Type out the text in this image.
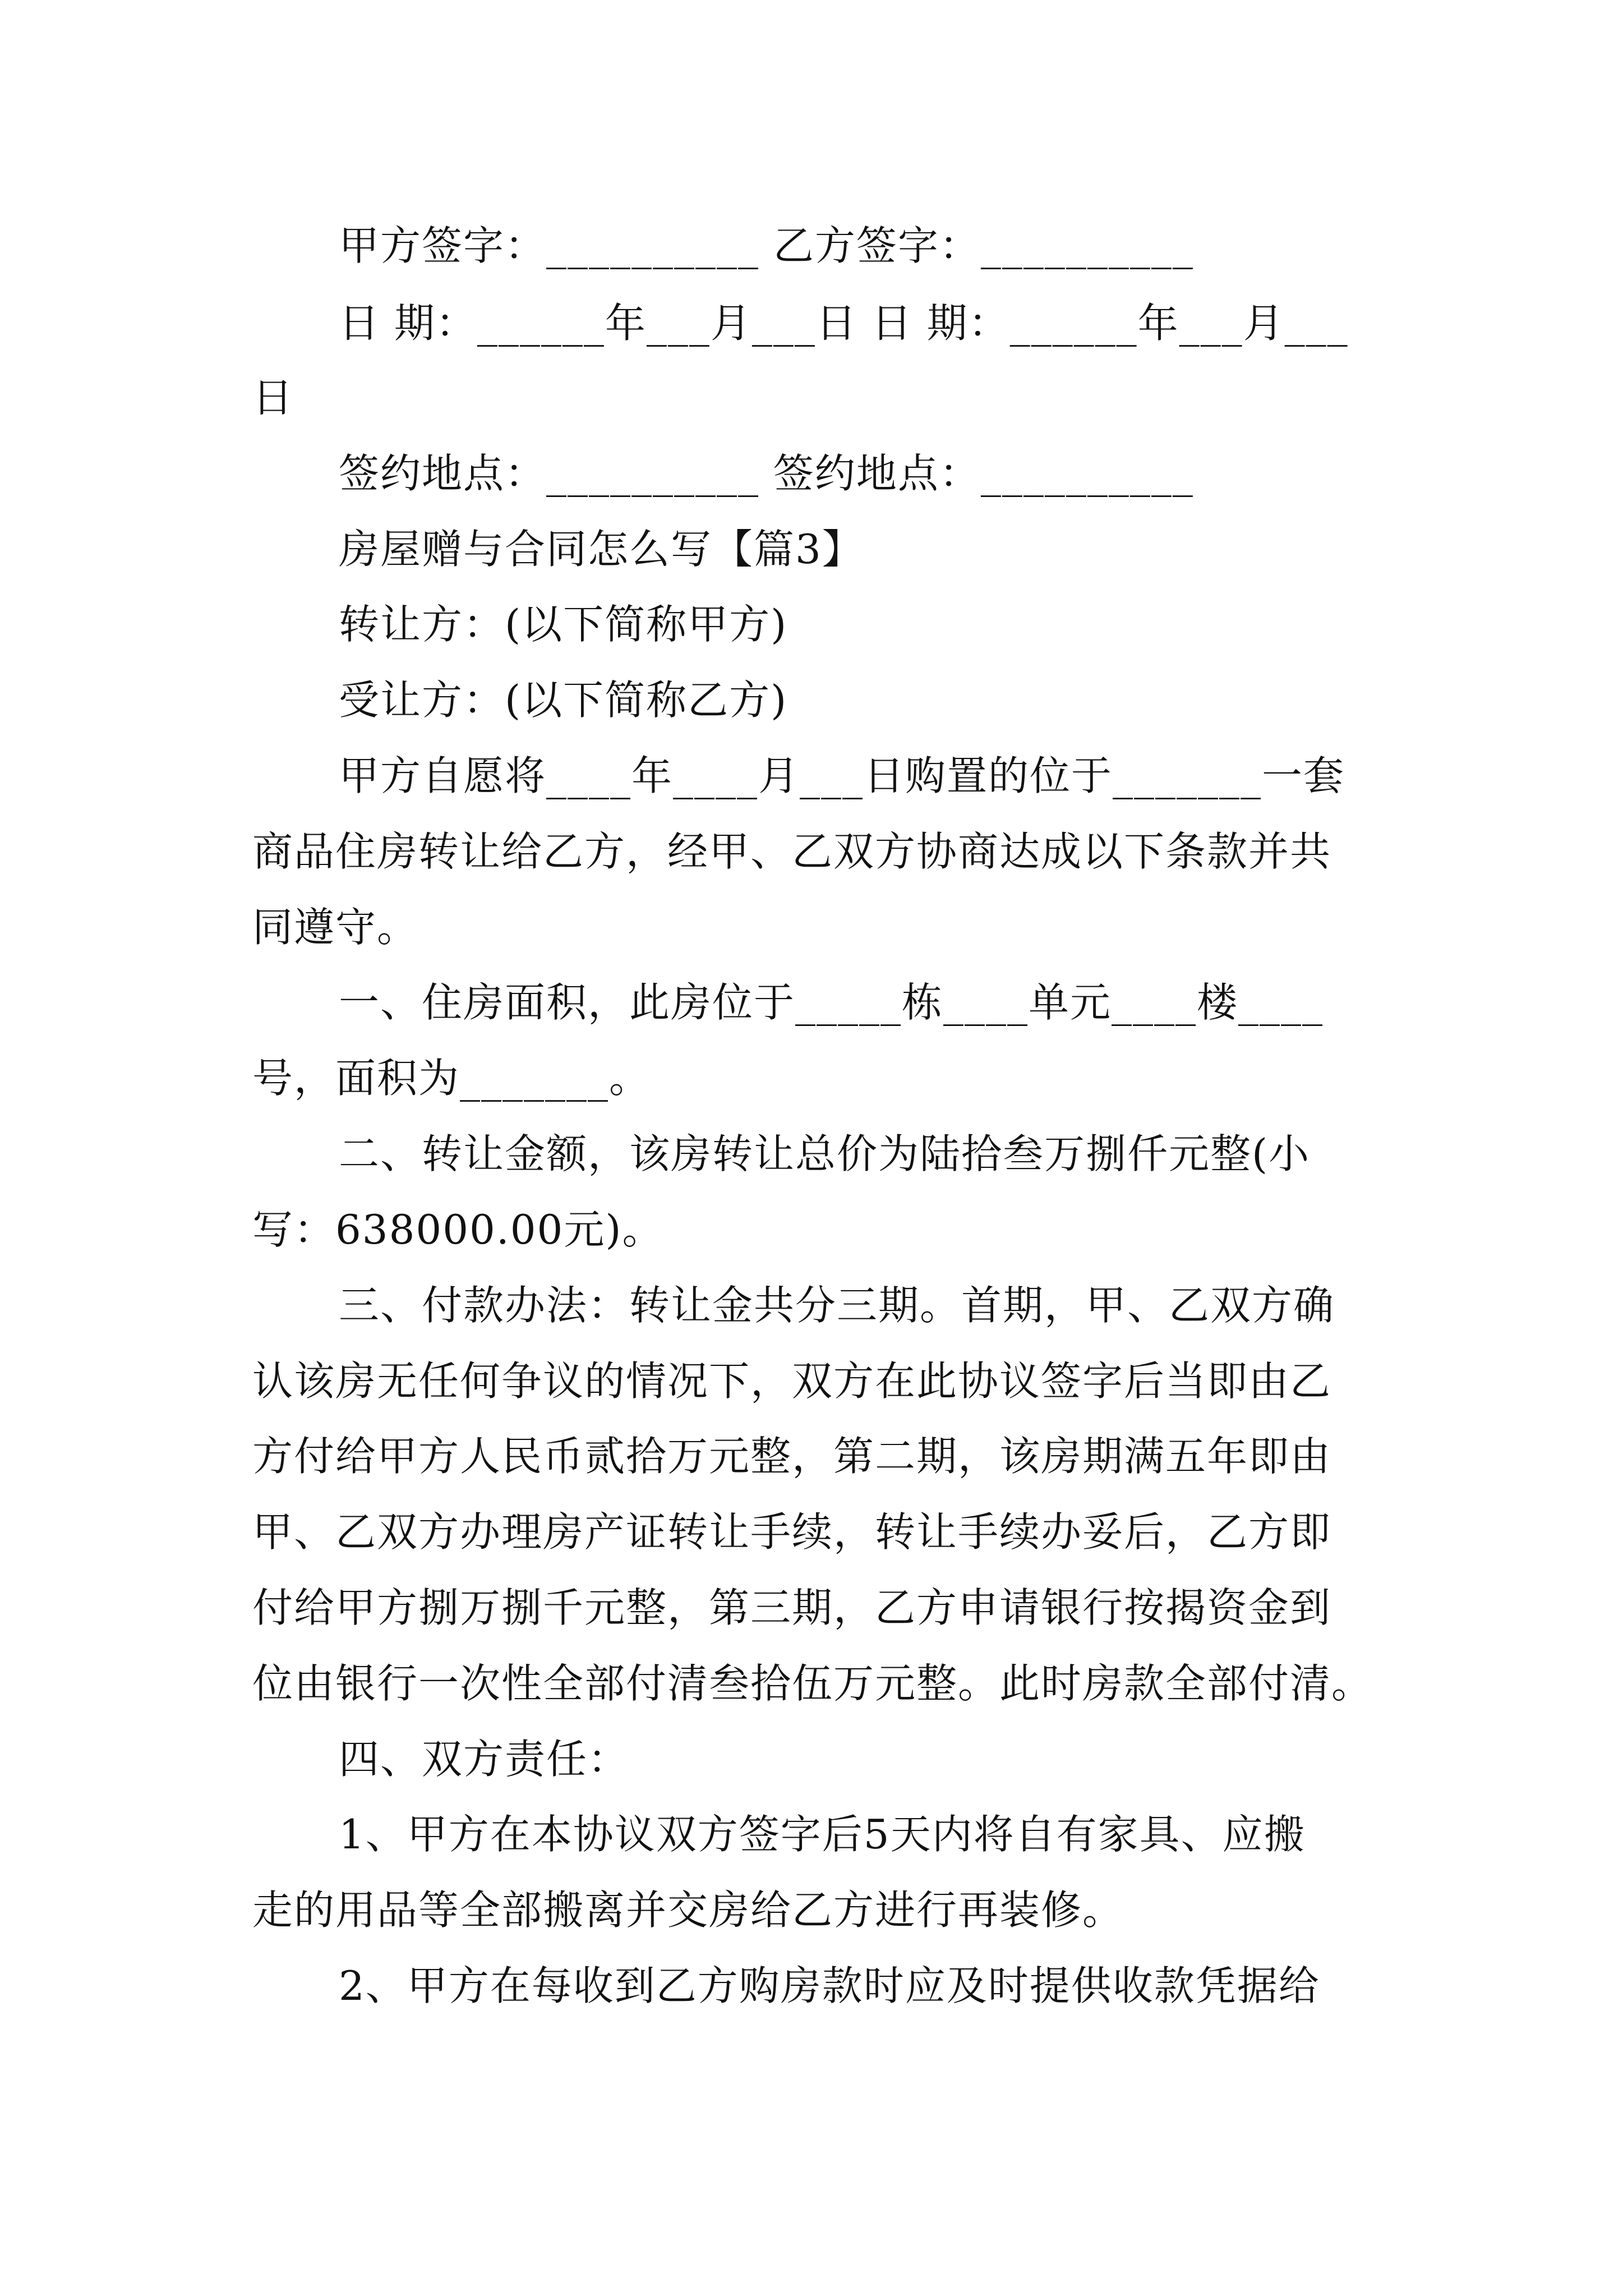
甲方签字：__________ 乙方签字：__________
日 期：______年___月___日 日 期：______年___月___
日
签约地点：__________ 签约地点：__________
房屋赠与合同怎么写【篇3】
转让方：(以下简称甲方)
受让方：(以下简称乙方)
甲方自愿将____年____月___日购置的位于_______一套
商品住房转让给乙方，经甲、乙双方协商达成以下条款并共
同遵守。
一、住房面积，此房位于_____栋____单元____楼____
号，面积为_______。
二、转让金额，该房转让总价为陆拾叁万捌仟元整(小
写：638000.00元)。
三、付款办法：转让金共分三期。首期，甲、乙双方确
认该房无任何争议的情况下，双方在此协议签字后当即由乙
方付给甲方人民币贰拾万元整，第二期，该房期满五年即由
甲、乙双方办理房产证转让手续，转让手续办妥后，乙方即
付给甲方捌万捌千元整，第三期，乙方申请银行按揭资金到
位由银行一次性全部付清叁拾伍万元整。此时房款全部付清。
四、双方责任：
1、甲方在本协议双方签字后5天内将自有家具、应搬
走的用品等全部搬离并交房给乙方进行再装修。
2、甲方在每收到乙方购房款时应及时提供收款凭据给
